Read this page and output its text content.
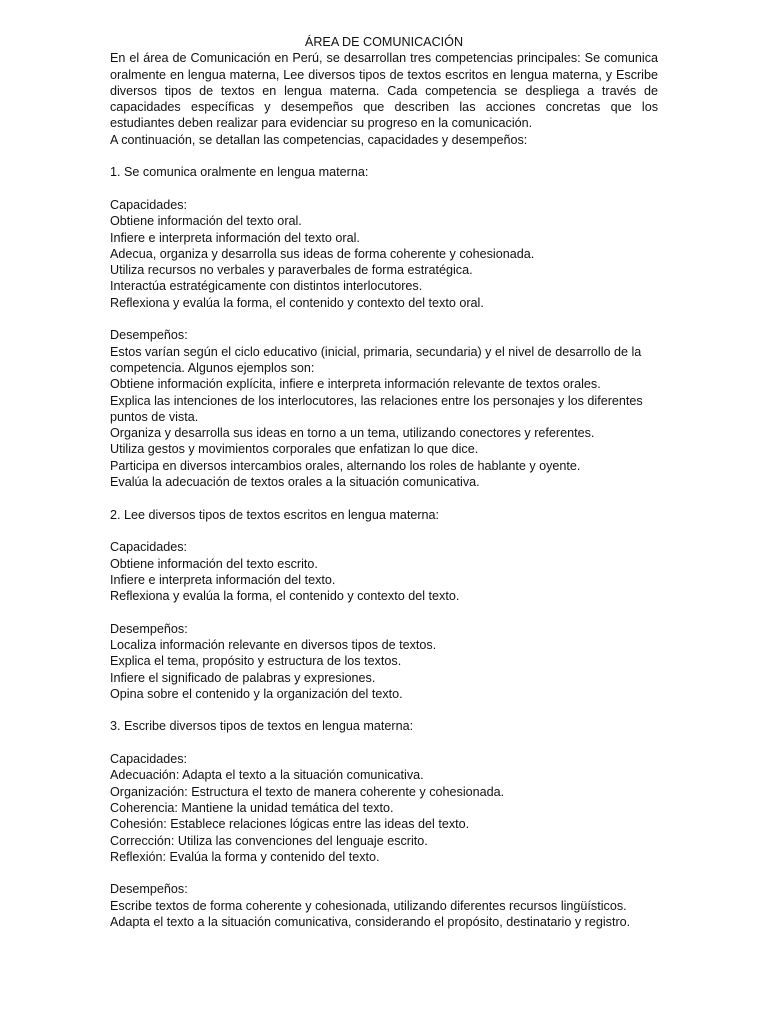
ÁREA DE COMUNICACIÓN

En el área de Comunicación en Perú, se desarrollan tres competencias principales: Se comunica oralmente en lengua materna, Lee diversos tipos de textos escritos en lengua materna, y Escribe diversos tipos de textos en lengua materna. Cada competencia se despliega a través de capacidades específicas y desempeños que describen las acciones concretas que los estudiantes deben realizar para evidenciar su progreso en la comunicación.

A continuación, se detallan las competencias, capacidades y desempeños:

1. Se comunica oralmente en lengua materna:

Capacidades:

Obtiene información del texto oral.

Infiere e interpreta información del texto oral.

Adecua, organiza y desarrolla sus ideas de forma coherente y cohesionada.

Utiliza recursos no verbales y paraverbales de forma estratégica.

Interactúa estratégicamente con distintos interlocutores.

Reflexiona y evalúa la forma, el contenido y contexto del texto oral.

Desempeños:

Estos varían según el ciclo educativo (inicial, primaria, secundaria) y el nivel de desarrollo de la competencia. Algunos ejemplos son:

Obtiene información explícita, infiere e interpreta información relevante de textos orales.

Explica las intenciones de los interlocutores, las relaciones entre los personajes y los diferentes puntos de vista.

Organiza y desarrolla sus ideas en torno a un tema, utilizando conectores y referentes.

Utiliza gestos y movimientos corporales que enfatizan lo que dice.

Participa en diversos intercambios orales, alternando los roles de hablante y oyente.

Evalúa la adecuación de textos orales a la situación comunicativa.

2. Lee diversos tipos de textos escritos en lengua materna:

Capacidades:

Obtiene información del texto escrito.

Infiere e interpreta información del texto.

Reflexiona y evalúa la forma, el contenido y contexto del texto.

Desempeños:

Localiza información relevante en diversos tipos de textos.

Explica el tema, propósito y estructura de los textos.

Infiere el significado de palabras y expresiones.

Opina sobre el contenido y la organización del texto.

3. Escribe diversos tipos de textos en lengua materna:

Capacidades:

Adecuación: Adapta el texto a la situación comunicativa.

Organización: Estructura el texto de manera coherente y cohesionada.

Coherencia: Mantiene la unidad temática del texto.

Cohesión: Establece relaciones lógicas entre las ideas del texto.

Corrección: Utiliza las convenciones del lenguaje escrito.

Reflexión: Evalúa la forma y contenido del texto.

Desempeños:

Escribe textos de forma coherente y cohesionada, utilizando diferentes recursos lingüísticos.

Adapta el texto a la situación comunicativa, considerando el propósito, destinatario y registro.
